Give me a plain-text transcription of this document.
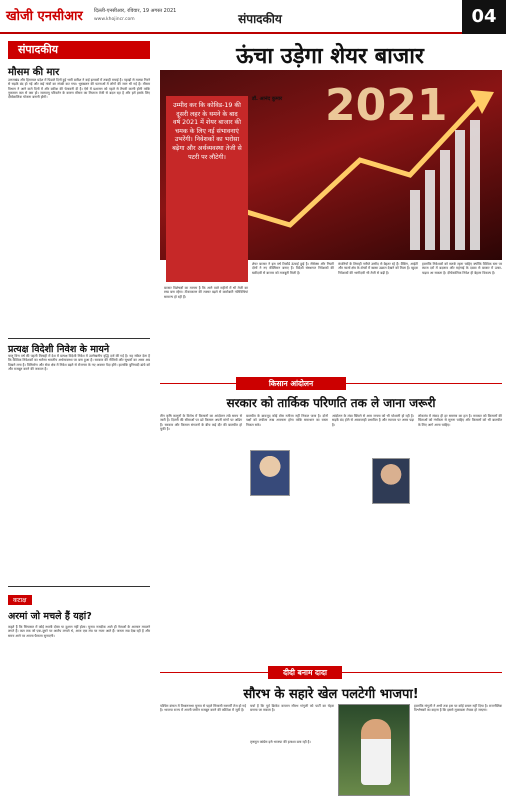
खोजी एनसीआर दिल्ली-एनसीआर, रविवार, 19 अगस्त 2021
www.khojincr.com	संपादकीय	04
संपादकीय
मौसम की मार
उत्तराखंड और हिमाचल प्रदेश में पिछले दिनों हुई भारी बारिश ने कई इलाकों में तबाही मचाई है। पहाड़ों से मलबा गिरने से सड़कें बंद हो गईं और कई गांवों का संपर्क कट गया। भूस्खलन की घटनाओं में लोगों की जान भी गई है। मौसम विभाग ने आने वाले दिनों में और बारिश की चेतावनी दी है। ऐसे में प्रशासन को पहले से तैयारी करनी होगी ताकि नुकसान कम से कम हो। जलवायु परिवर्तन के कारण मौसम का मिजाज तेजी से बदल रहा है और हमें इसके लिए दीर्घकालिक योजना बनानी होगी।
प्रत्यक्ष विदेशी निवेश के मायने
चालू वित्त वर्ष की पहली तिमाही में देश में प्रत्यक्ष विदेशी निवेश में उल्लेखनीय वृद्धि दर्ज की गई है। यह संकेत देता है कि वैश्विक निवेशकों का भरोसा भारतीय अर्थव्यवस्था पर बना हुआ है। सरकार की नीतियों और सुधारों का असर अब दिखने लगा है। विनिर्माण और सेवा क्षेत्र में निवेश बढ़ने से रोजगार के नए अवसर पैदा होंगे। हालांकि बुनियादी ढांचे को और मजबूत करने की जरूरत है।
कटाक्ष
अरमां जो मचले हैं यहां?
कहते हैं कि सियासत में कोई स्थायी दोस्त या दुश्मन नहीं होता। चुनाव नजदीक आते ही नेताओं के अरमान मचलने लगते हैं। कल तक जो एक-दूसरे पर आरोप लगाते थे, आज एक मंच पर नजर आते हैं। जनता सब देख रही है और समय आने पर अपना फैसला सुनाएगी।
ऊंचा उड़ेगा शेयर बाजार
2021
डॉ. आनंद कुमार
उम्मीद कर कि कोविड-19 की दूसरी लहर के थमने के बाद वर्ष 2021 में शेयर बाजार की चमक के लिए नई संभावनाएं उभरेंगी। निवेशकों का भरोसा बढ़ेगा और अर्थव्यवस्था तेजी से पटरी पर लौटेगी।
बाजार विशेषज्ञों का मानना है कि आने वाले महीनों में भी तेजी का रुख बना रहेगा। टीकाकरण की रफ्तार बढ़ने से कारोबारी गतिविधियां सामान्य हो रही हैं।
शेयर बाजार ने इस वर्ष रिकॉर्ड ऊंचाई छुई है। सेंसेक्स और निफ्टी दोनों ने नए कीर्तिमान बनाए हैं। विदेशी संस्थागत निवेशकों की खरीदारी से बाजार को मजबूती मिली है।
कंपनियों के तिमाही नतीजे उम्मीद से बेहतर रहे हैं। बैंकिंग, आईटी और फार्मा क्षेत्र के शेयरों में खासा उछाल देखने को मिला है। खुदरा निवेशकों की भागीदारी भी तेजी से बढ़ी है।
हालांकि निवेशकों को सतर्क रहना चाहिए क्योंकि वैश्विक स्तर पर ब्याज दरों में बदलाव और महंगाई के दबाव से बाजार में उतार-चढ़ाव आ सकता है। दीर्घकालिक निवेश ही बेहतर विकल्प है।
किसान आंदोलन
सरकार को तार्किक परिणति तक ले जाना जरूरी
तीन कृषि कानूनों के विरोध में किसानों का आंदोलन लंबे समय से जारी है। दिल्ली की सीमाओं पर डटे किसान अपनी मांगों पर अडिग हैं। सरकार और किसान संगठनों के बीच कई दौर की बातचीत हो चुकी है।
बातचीत के बावजूद कोई ठोस नतीजा नहीं निकल पाया है। दोनों पक्षों को लचीला रुख अपनाना होगा ताकि समाधान का रास्ता निकल सके।
आंदोलन के लंबा खिंचने से आम जनता को भी परेशानी हो रही है। सड़कें बंद होने से आवाजाही प्रभावित है और व्यापार पर असर पड़ा है।
लोकतंत्र में संवाद ही हर समस्या का हल है। सरकार को किसानों की चिंताओं को गंभीरता से सुनना चाहिए और किसानों को भी बातचीत के लिए आगे आना चाहिए।
दीदी बनाम दादा
सौरभ के सहारे खेल पलटेगी भाजपा!
पश्चिम बंगाल में विधानसभा चुनाव से पहले सियासी सरगर्मी तेज हो गई है। भाजपा राज्य में अपनी जमीन मजबूत करने की कोशिश में जुटी है।
चर्चा है कि पूर्व क्रिकेट कप्तान सौरभ गांगुली को पार्टी का चेहरा बनाया जा सकता है।
तृणमूल कांग्रेस इसे भाजपा की हताशा बता रही है।
हालांकि गांगुली ने अभी तक इस पर कोई बयान नहीं दिया है। राजनीतिक विश्लेषकों का कहना है कि इससे मुकाबला रोचक हो जाएगा।
